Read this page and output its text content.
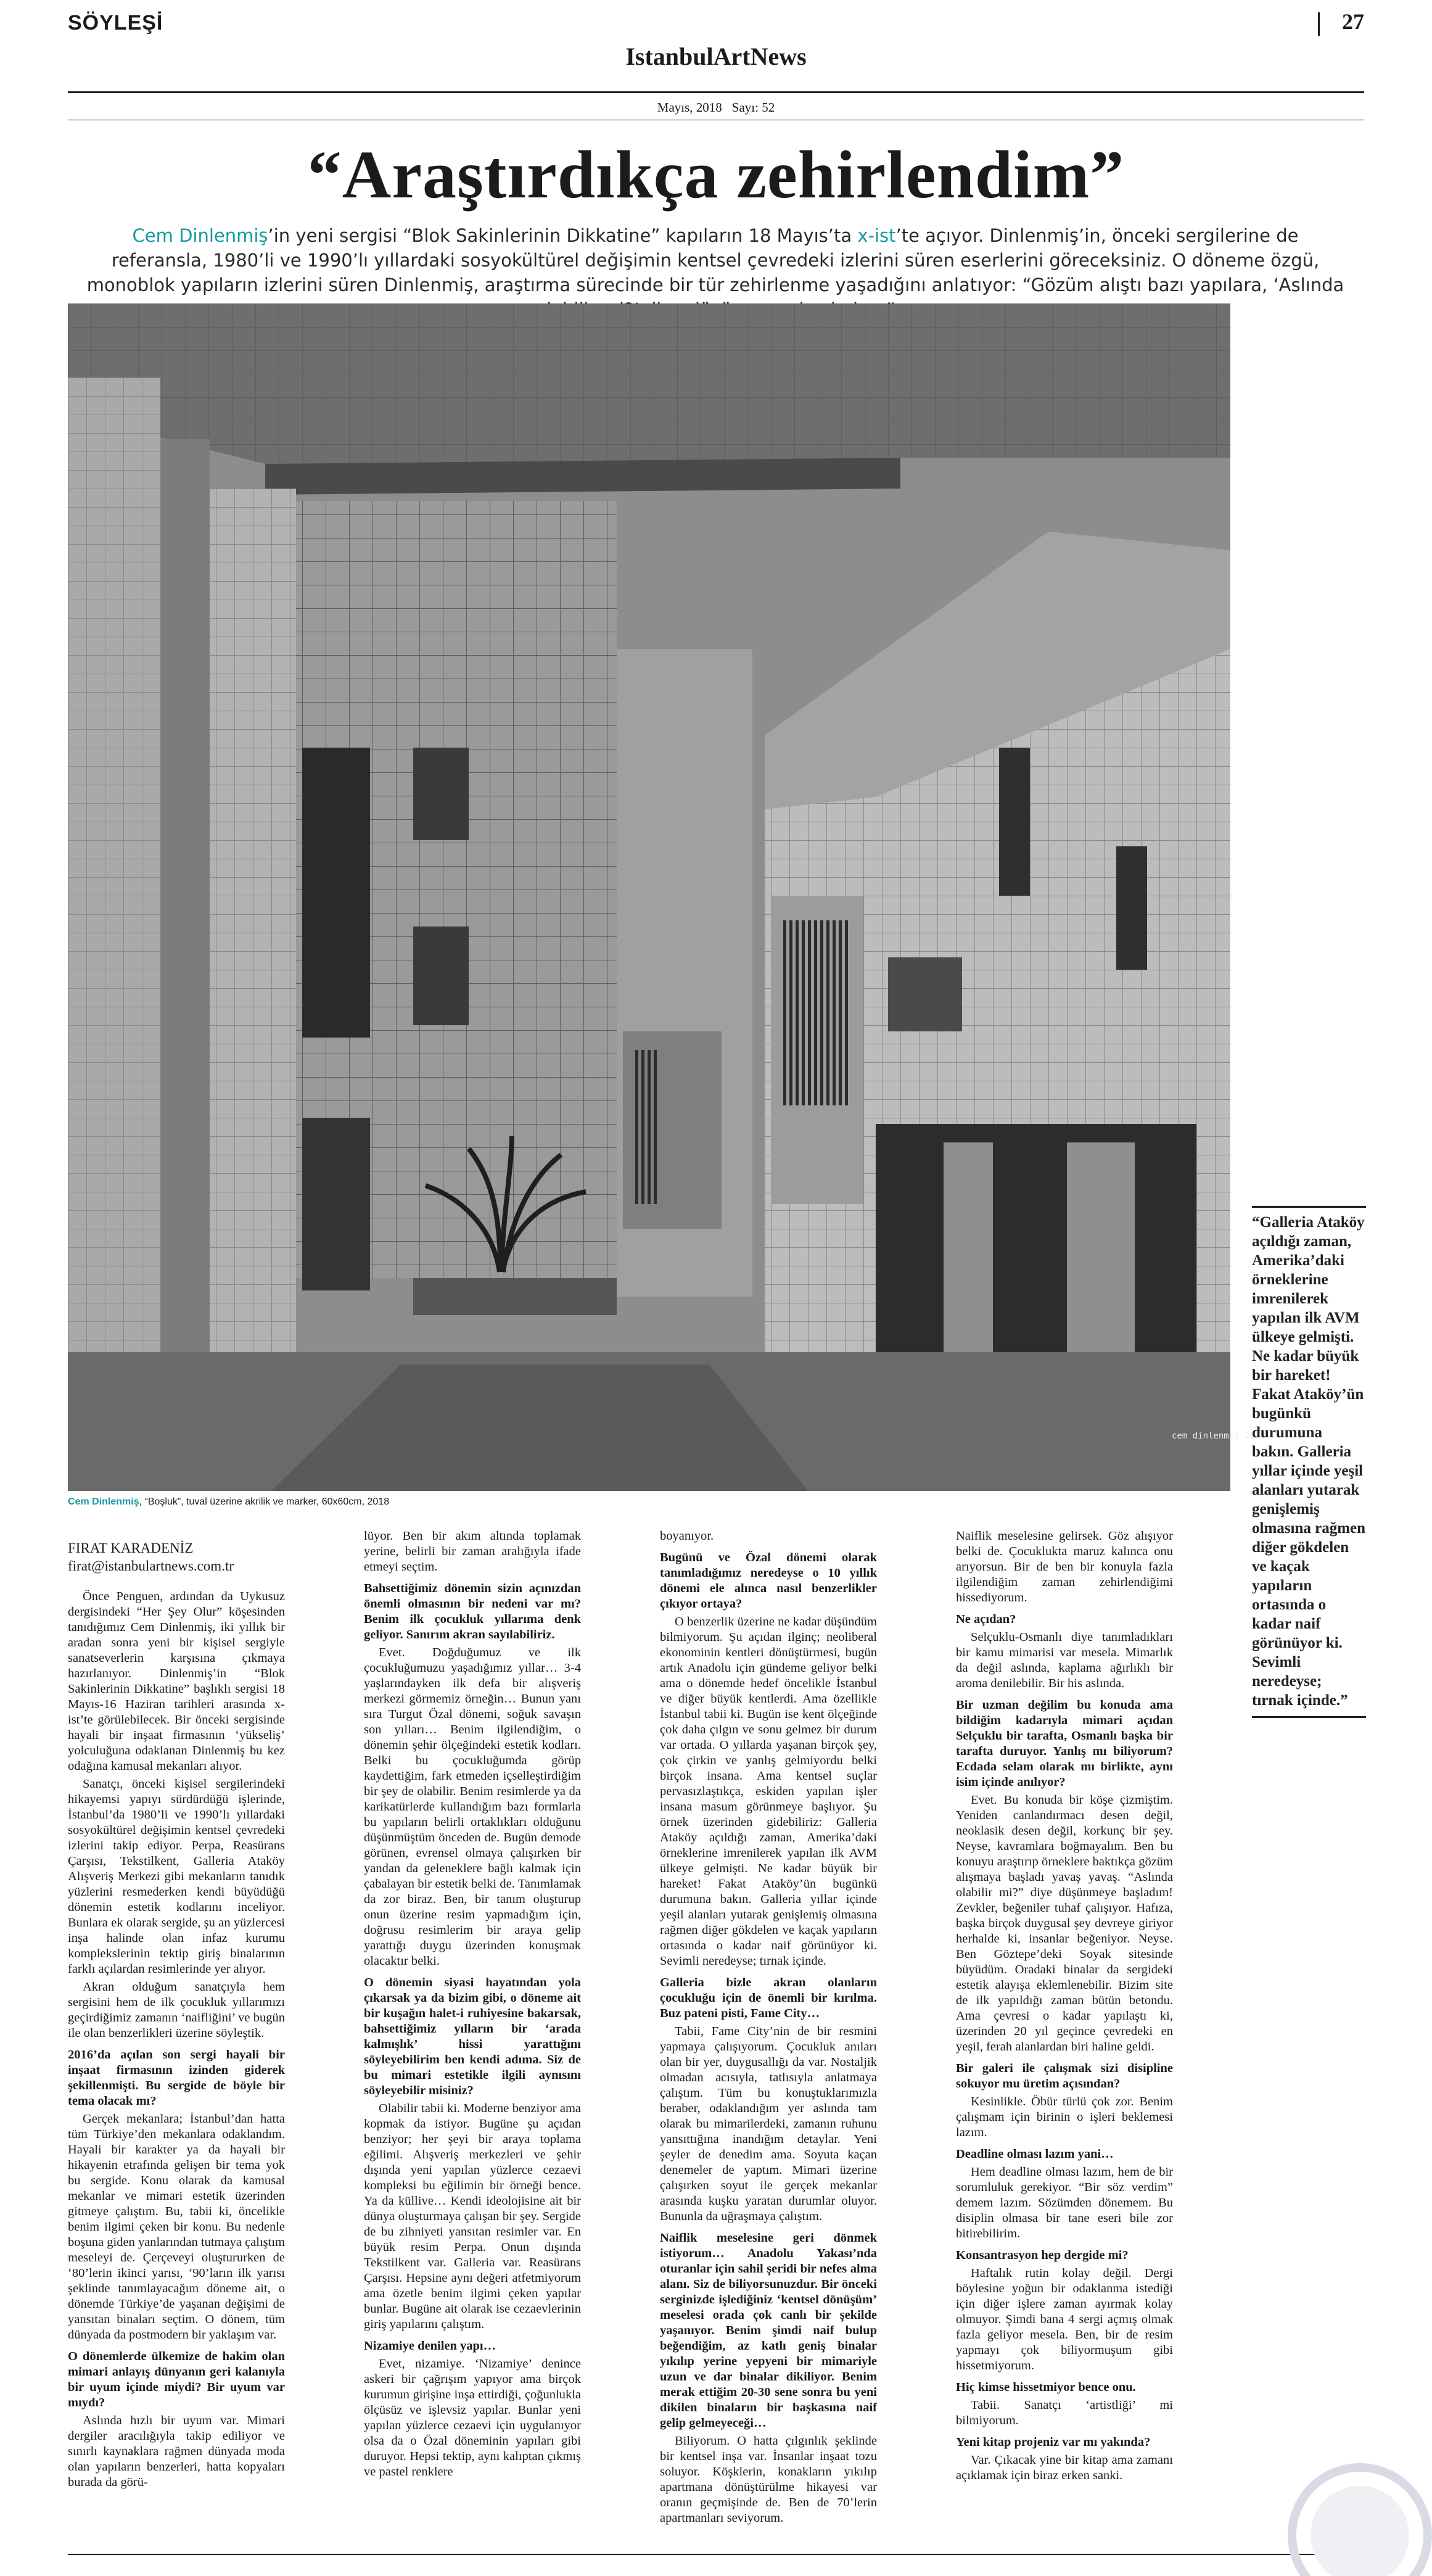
SÖYLEŞİ	27
IstanbulArtNews
Mayıs, 2018 Sayı: 52
“Araştırdıkça zehirlendim”
Cem Dinlenmiş’in yeni sergisi “Blok Sakinlerinin Dikkatine” kapıların 18 Mayıs’ta x-ist’te açıyor. Dinlenmiş’in, önceki sergilerine de referansla, 1980’li ve 1990’lı yıllardaki sosyokültürel değişimin kentsel çevredeki izlerini süren eserlerini göreceksiniz. O döneme özgü, monoblok yapıların izlerini süren Dinlenmiş, araştırma sürecinde bir tür zehirlenme yaşadığını anlatıyor: “Gözüm alıştı bazı yapılara, ‘Aslında
cem dinlenmiş 2018
Cem Dinlenmiş, “Boşluk”, tuval üzerine akrilik ve marker, 60x60cm, 2018

“Galleria Ataköy açıldığı zaman, Amerika’daki örneklerine imrenilerek yapılan ilk AVM ülkeye gelmişti. Ne kadar büyük bir hareket! Fakat Ataköy’ün bugünkü durumuna bakın. Galleria yıllar içinde yeşil alanları yutarak genişlemiş olmasına rağmen diğer gökdelen ve kaçak yapıların ortasında o kadar naif görünüyor ki. Sevimli neredeyse; tırnak içinde.”

FIRAT KARADENİZ
firat@istanbulartnews.com.tr

Önce Penguen, ardından da Uykusuz dergisindeki “Her Şey Olur” köşesinden tanıdığımız Cem Dinlenmiş, iki yıllık bir aradan sonra yeni bir kişisel sergiyle sanatseverlerin karşısına çıkmaya hazırlanıyor. Dinlenmiş’in “Blok Sakinlerinin Dikkatine” başlıklı sergisi 18 Mayıs-16 Haziran tarihleri arasında x-ist’te görülebilecek. Bir önceki sergisinde hayali bir inşaat firmasının ‘yükseliş’ yolculuğuna odaklanan Dinlenmiş bu kez odağına kamusal mekanları alıyor.

Sanatçı, önceki kişisel sergilerindeki hikayemsi yapıyı sürdürdüğü işlerinde, İstanbul’da 1980’li ve 1990’lı yıllardaki sosyokültürel değişimin kentsel çevredeki izlerini takip ediyor. Perpa, Reasürans Çarşısı, Tekstilkent, Galleria Ataköy Alışveriş Merkezi gibi mekanların tanıdık yüzlerini resmederken kendi büyüdüğü dönemin estetik kodlarını inceliyor. Bunlara ek olarak sergide, şu an yüzlercesi inşa halinde olan infaz kurumu komplekslerinin tektip giriş binalarının farklı açılardan resimlerinde yer alıyor.

Akran olduğum sanatçıyla hem sergisini hem de ilk çocukluk yıllarımızı geçirdiğimiz zamanın ‘naifliğini’ ve bugün ile olan benzerlikleri üzerine söyleştik.

2016’da açılan son sergi hayali bir inşaat firmasının izinden giderek şekillenmişti. Bu sergide de böyle bir tema olacak mı?

Gerçek mekanlara; İstanbul’dan hatta tüm Türkiye’den mekanlara odaklandım. Hayali bir karakter ya da hayali bir hikayenin etrafında gelişen bir tema yok bu sergide. Konu olarak da kamusal mekanlar ve mimari estetik üzerinden gitmeye çalıştım. Bu, tabii ki, öncelikle benim ilgimi çeken bir konu. Bu nedenle boşuna giden yanlarından tutmaya çalıştım meseleyi de. Çerçeveyi oluştururken de ‘80’lerin ikinci yarısı, ‘90’ların ilk yarısı şeklinde tanımlayacağım döneme ait, o dönemde Türkiye’de yaşanan değişimi de yansıtan binaları seçtim. O dönem, tüm dünyada da postmodern bir yaklaşım var.

O dönemlerde ülkemize de hakim olan mimari anlayış dünyanın geri kalanıyla bir uyum içinde miydi? Bir uyum var mıydı?

Aslında hızlı bir uyum var. Mimari dergiler aracılığıyla takip ediliyor ve sınırlı kaynaklara rağmen dünyada moda olan yapıların benzerleri, hatta kopyaları burada da görü-

lüyor. Ben bir akım altında toplamak yerine, belirli bir zaman aralığıyla ifade etmeyi seçtim.

Bahsettiğimiz dönemin sizin açınızdan önemli olmasının bir nedeni var mı? Benim ilk çocukluk yıllarıma denk geliyor. Sanırım akran sayılabiliriz.

Evet. Doğduğumuz ve ilk çocukluğumuzu yaşadığımız yıllar… 3-4 yaşlarındayken ilk defa bir alışveriş merkezi görmemiz örneğin… Bunun yanı sıra Turgut Özal dönemi, soğuk savaşın son yılları… Benim ilgilendiğim, o dönemin şehir ölçeğindeki estetik kodları. Belki bu çocukluğumda görüp kaydettiğim, fark etmeden içselleştirdiğim bir şey de olabilir. Benim resimlerde ya da karikatürlerde kullandığım bazı formlarla bu yapıların belirli ortaklıkları olduğunu düşünmüştüm önceden de. Bugün demode görünen, evrensel olmaya çalışırken bir yandan da geleneklere bağlı kalmak için çabalayan bir estetik belki de. Tanımlamak da zor biraz. Ben, bir tanım oluşturup onun üzerine resim yapmadığım için, doğrusu resimlerim bir araya gelip yarattığı duygu üzerinden konuşmak olacaktır belki.

O dönemin siyasi hayatından yola çıkarsak ya da bizim gibi, o döneme ait bir kuşağın halet-i ruhiyesine bakarsak, bahsettiğimiz yılların bir ‘arada kalmışlık’ hissi yarattığını söyleyebilirim ben kendi adıma. Siz de bu mimari estetikle ilgili aynısını söyleyebilir misiniz?

Olabilir tabii ki. Moderne benziyor ama kopmak da istiyor. Bugüne şu açıdan benziyor; her şeyi bir araya toplama eğilimi. Alışveriş merkezleri ve şehir dışında yeni yapılan yüzlerce cezaevi kompleksi bu eğilimin bir örneği bence. Ya da küllive… Kendi ideolojisine ait bir dünya oluşturmaya çalışan bir şey. Sergide de bu zihniyeti yansıtan resimler var. En büyük resim Perpa. Onun dışında Tekstilkent var. Galleria var. Reasürans Çarşısı. Hepsine aynı değeri atfetmiyorum ama özetle benim ilgimi çeken yapılar bunlar. Bugüne ait olarak ise cezaevlerinin giriş yapılarını çalıştım.

Nizamiye denilen yapı…

Evet, nizamiye. ‘Nizamiye’ denince askeri bir çağrışım yapıyor ama birçok kurumun girişine inşa ettirdiği, çoğunlukla ölçüsüz ve işlevsiz yapılar. Bunlar yeni yapılan yüzlerce cezaevi için uygulanıyor olsa da o Özal döneminin yapıları gibi duruyor. Hepsi tektip, aynı kalıptan çıkmış ve pastel renklere

boyanıyor.

Bugünü ve Özal dönemi olarak tanımladığımız neredeyse o 10 yıllık dönemi ele alınca nasıl benzerlikler çıkıyor ortaya?

O benzerlik üzerine ne kadar düşündüm bilmiyorum. Şu açıdan ilginç; neoliberal ekonominin kentleri dönüştürmesi, bugün artık Anadolu için gündeme geliyor belki ama o dönemde hedef öncelikle İstanbul ve diğer büyük kentlerdi. Ama özellikle İstanbul tabii ki. Bugün ise kent ölçeğinde çok daha çılgın ve sonu gelmez bir durum var ortada. O yıllarda yaşanan birçok şey, çok çirkin ve yanlış gelmiyordu belki birçok insana. Ama kentsel suçlar pervasızlaştıkça, eskiden yapılan işler insana masum görünmeye başlıyor. Şu örnek üzerinden gidebiliriz: Galleria Ataköy açıldığı zaman, Amerika’daki örneklerine imrenilerek yapılan ilk AVM ülkeye gelmişti. Ne kadar büyük bir hareket! Fakat Ataköy’ün bugünkü durumuna bakın. Galleria yıllar içinde yeşil alanları yutarak genişlemiş olmasına rağmen diğer gökdelen ve kaçak yapıların ortasında o kadar naif görünüyor ki. Sevimli neredeyse; tırnak içinde.

Galleria bizle akran olanların çocukluğu için de önemli bir kırılma. Buz pateni pisti, Fame City…

Tabii, Fame City’nin de bir resmini yapmaya çalışıyorum. Çocukluk anıları olan bir yer, duygusallığı da var. Nostaljik olmadan acısıyla, tatlısıyla anlatmaya çalıştım. Tüm bu konuştuklarımızla beraber, odaklandığım yer aslında tam olarak bu mimarilerdeki, zamanın ruhunu yansıttığına inandığım detaylar. Yeni şeyler de denedim ama. Soyuta kaçan denemeler de yaptım. Mimari üzerine çalışırken soyut ile gerçek mekanlar arasında kuşku yaratan durumlar oluyor. Bununla da uğraşmaya çalıştım.

Naiflik meselesine geri dönmek istiyorum… Anadolu Yakası’nda oturanlar için sahil şeridi bir nefes alma alanı. Siz de biliyorsunuzdur. Bir önceki serginizde işlediğiniz ‘kentsel dönüşüm’ meselesi orada çok canlı bir şekilde yaşanıyor. Benim şimdi naif bulup beğendiğim, az katlı geniş binalar yıkılıp yerine yepyeni bir mimariyle uzun ve dar binalar dikiliyor. Benim merak ettiğim 20-30 sene sonra bu yeni dikilen binaların bir başkasına naif gelip gelmeyeceği…

Biliyorum. O hatta çılgınlık şeklinde bir kentsel inşa var. İnsanlar inşaat tozu soluyor. Köşklerin, konakların yıkılıp apartmana dönüştürülme hikayesi var oranın geçmişinde de. Ben de 70’lerin apartmanları seviyorum.

Naiflik meselesine gelirsek. Göz alışıyor belki de. Çocuklukta maruz kalınca onu arıyorsun. Bir de ben bir konuyla fazla ilgilendiğim zaman zehirlendiğimi hissediyorum.

Ne açıdan?

Selçuklu-Osmanlı diye tanımladıkları bir kamu mimarisi var mesela. Mimarlık da değil aslında, kaplama ağırlıklı bir aroma denilebilir. Bir his aslında.

Bir uzman değilim bu konuda ama bildiğim kadarıyla mimari açıdan Selçuklu bir tarafta, Osmanlı başka bir tarafta duruyor. Yanlış mı biliyorum? Ecdada selam olarak mı birlikte, aynı isim içinde anılıyor?

Evet. Bu konuda bir köşe çizmiştim. Yeniden canlandırmacı desen değil, neoklasik desen değil, korkunç bir şey. Neyse, kavramlara boğmayalım. Ben bu konuyu araştırıp örneklere baktıkça gözüm alışmaya başladı yavaş yavaş. “Aslında olabilir mi?” diye düşünmeye başladım! Zevkler, beğeniler tuhaf çalışıyor. Hafıza, başka birçok duygusal şey devreye giriyor herhalde ki, insanlar beğeniyor. Neyse. Ben Göztepe’deki Soyak sitesinde büyüdüm. Oradaki binalar da sergideki estetik alayışa eklemlenebilir. Bizim site de ilk yapıldığı zaman bütün betondu. Ama çevresi o kadar yapılaştı ki, üzerinden 20 yıl geçince çevredeki en yeşil, ferah alanlardan biri haline geldi.

Bir galeri ile çalışmak sizi disipline sokuyor mu üretim açısından?

Kesinlikle. Öbür türlü çok zor. Benim çalışmam için birinin o işleri beklemesi lazım.

Deadline olması lazım yani…

Hem deadline olması lazım, hem de bir sorumluluk gerekiyor. “Bir söz verdim” demem lazım. Sözümden dönemem. Bu disiplin olmasa bir tane eseri bile zor bitirebilirim.

Konsantrasyon hep dergide mi?

Haftalık rutin kolay değil. Dergi böylesine yoğun bir odaklanma istediği için diğer işlere zaman ayırmak kolay olmuyor. Şimdi bana 4 sergi açmış olmak fazla geliyor mesela. Ben, bir de resim yapmayı çok biliyormuşum gibi hissetmiyorum.

Hiç kimse hissetmiyor bence onu.

Tabii. Sanatçı ‘artistliği’ mi bilmiyorum.

Yeni kitap projeniz var mı yakında?

Var. Çıkacak yine bir kitap ama zamanı açıklamak için biraz erken sanki.
